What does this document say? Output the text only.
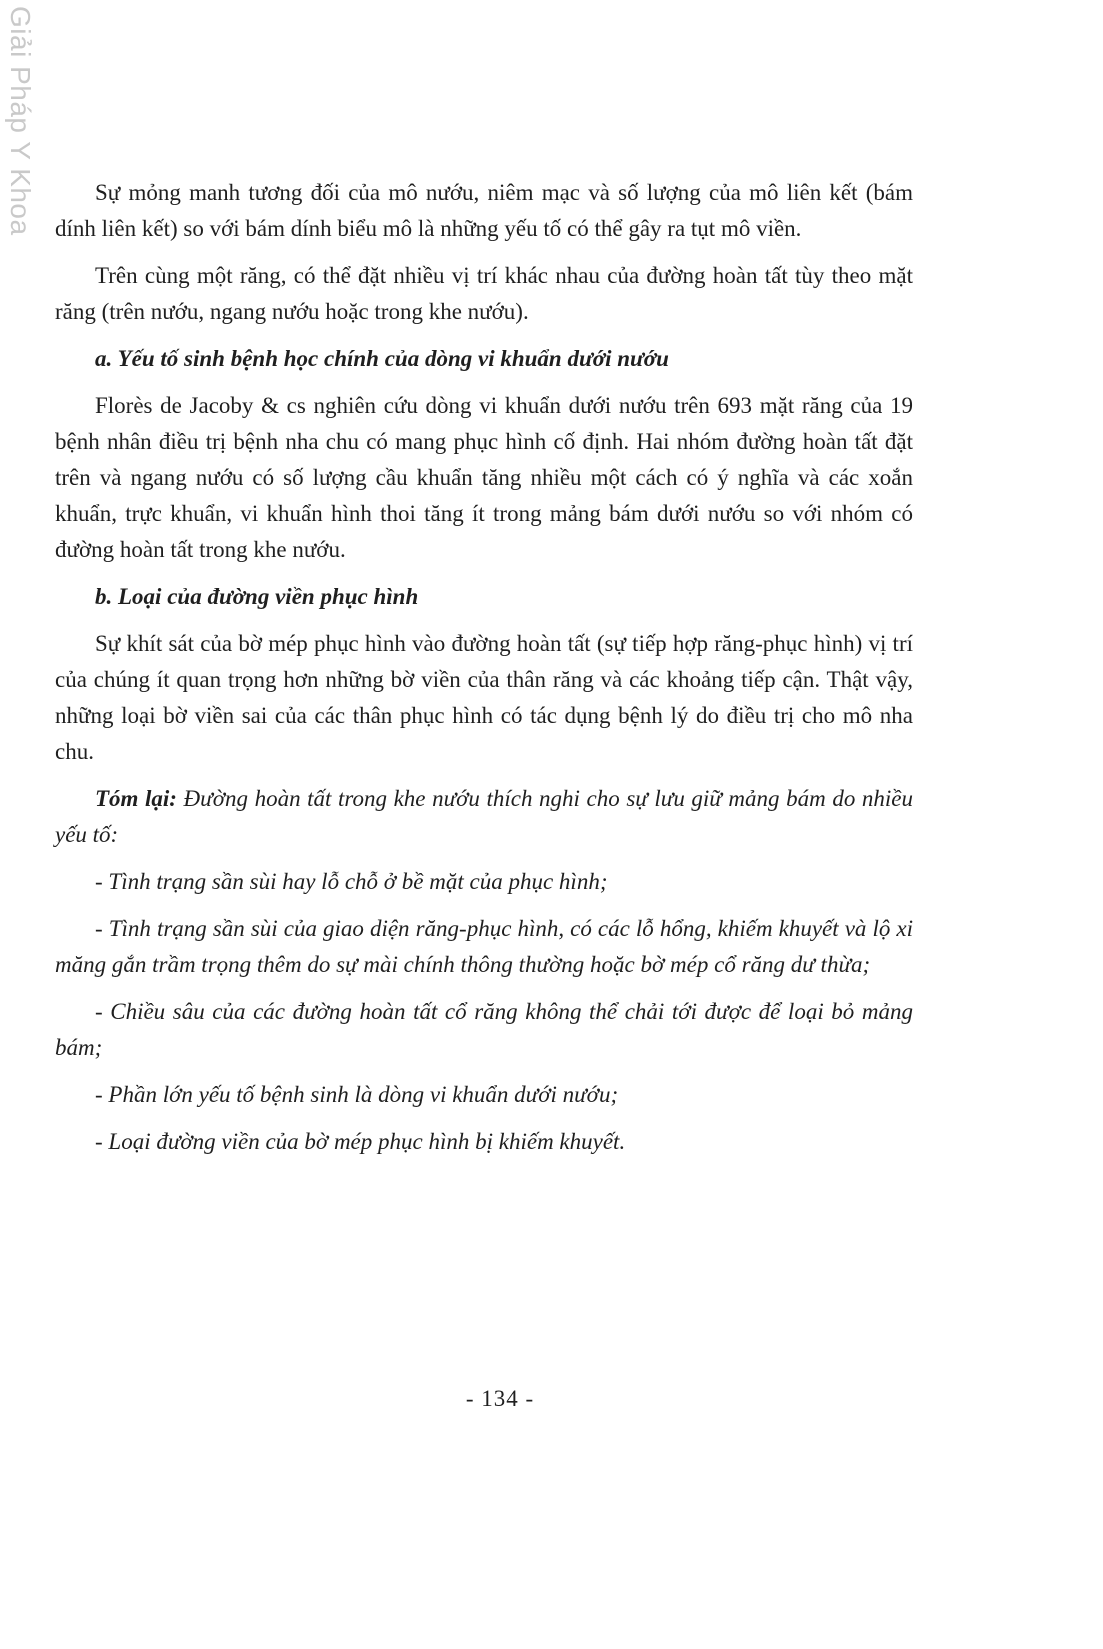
Giải Pháp Y Khoa	Sự mỏng manh tương đối của mô nướu, niêm mạc và số lượng của mô liên kết (bám dính liên kết) so với bám dính biểu mô là những yếu tố có thể gây ra tụt mô viền.

Trên cùng một răng, có thể đặt nhiều vị trí khác nhau của đường hoàn tất tùy theo mặt răng (trên nướu, ngang nướu hoặc trong khe nướu).

a. Yếu tố sinh bệnh học chính của dòng vi khuẩn dưới nướu

Florès de Jacoby & cs nghiên cứu dòng vi khuẩn dưới nướu trên 693 mặt răng của 19 bệnh nhân điều trị bệnh nha chu có mang phục hình cố định. Hai nhóm đường hoàn tất đặt trên và ngang nướu có số lượng cầu khuẩn tăng nhiều một cách có ý nghĩa và các xoắn khuẩn, trực khuẩn, vi khuẩn hình thoi tăng ít trong mảng bám dưới nướu so với nhóm có đường hoàn tất trong khe nướu.

b. Loại của đường viền phục hình

Sự khít sát của bờ mép phục hình vào đường hoàn tất (sự tiếp hợp răng-phục hình) vị trí của chúng ít quan trọng hơn những bờ viền của thân răng và các khoảng tiếp cận. Thật vậy, những loại bờ viền sai của các thân phục hình có tác dụng bệnh lý do điều trị cho mô nha chu.

Tóm lại: Đường hoàn tất trong khe nướu thích nghi cho sự lưu giữ mảng bám do nhiều yếu tố:

- Tình trạng sần sùi hay lỗ chỗ ở bề mặt của phục hình;

- Tình trạng sần sùi của giao diện răng-phục hình, có các lỗ hổng, khiếm khuyết và lộ xi măng gắn trầm trọng thêm do sự mài chính thông thường hoặc bờ mép cổ răng dư thừa;

- Chiều sâu của các đường hoàn tất cổ răng không thể chải tới được để loại bỏ mảng bám;

- Phần lớn yếu tố bệnh sinh là dòng vi khuẩn dưới nướu;

- Loại đường viền của bờ mép phục hình bị khiếm khuyết.

- 134 -
